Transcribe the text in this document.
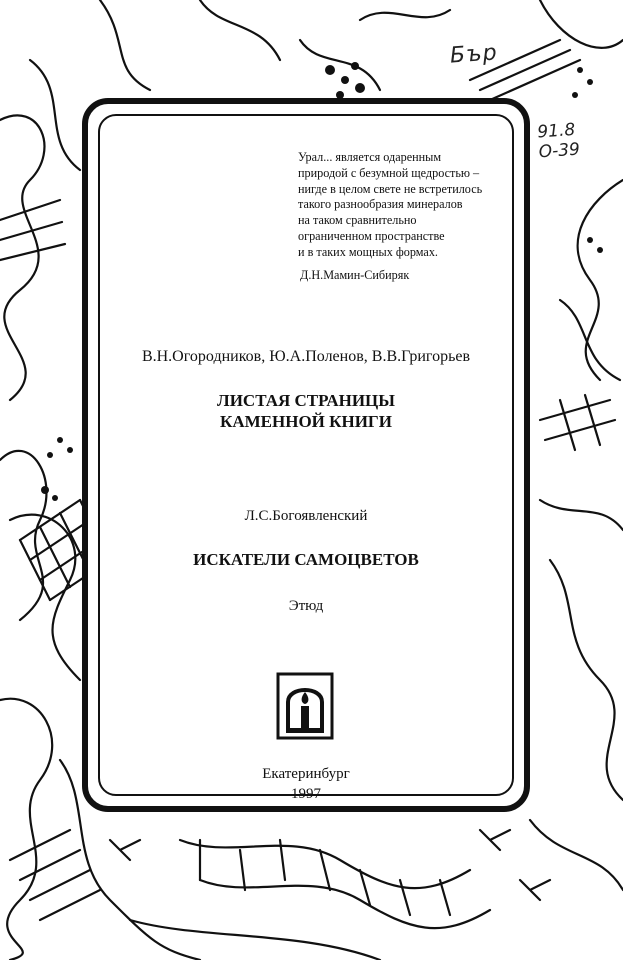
Бър
91.8
О-39
Урал... является одаренным
природой с безумной щедростью –
нигде в целом свете не встретилось
такого разнообразия минералов
на таком сравнительно
ограниченном пространстве
и в таких мощных формах.
Д.Н.Мамин-Сибиряк
В.Н.Огородников, Ю.А.Поленов, В.В.Григорьев
ЛИСТАЯ СТРАНИЦЫ
КАМЕННОЙ КНИГИ
Л.С.Богоявленский
ИСКАТЕЛИ САМОЦВЕТОВ
Этюд
Екатеринбург
1997
